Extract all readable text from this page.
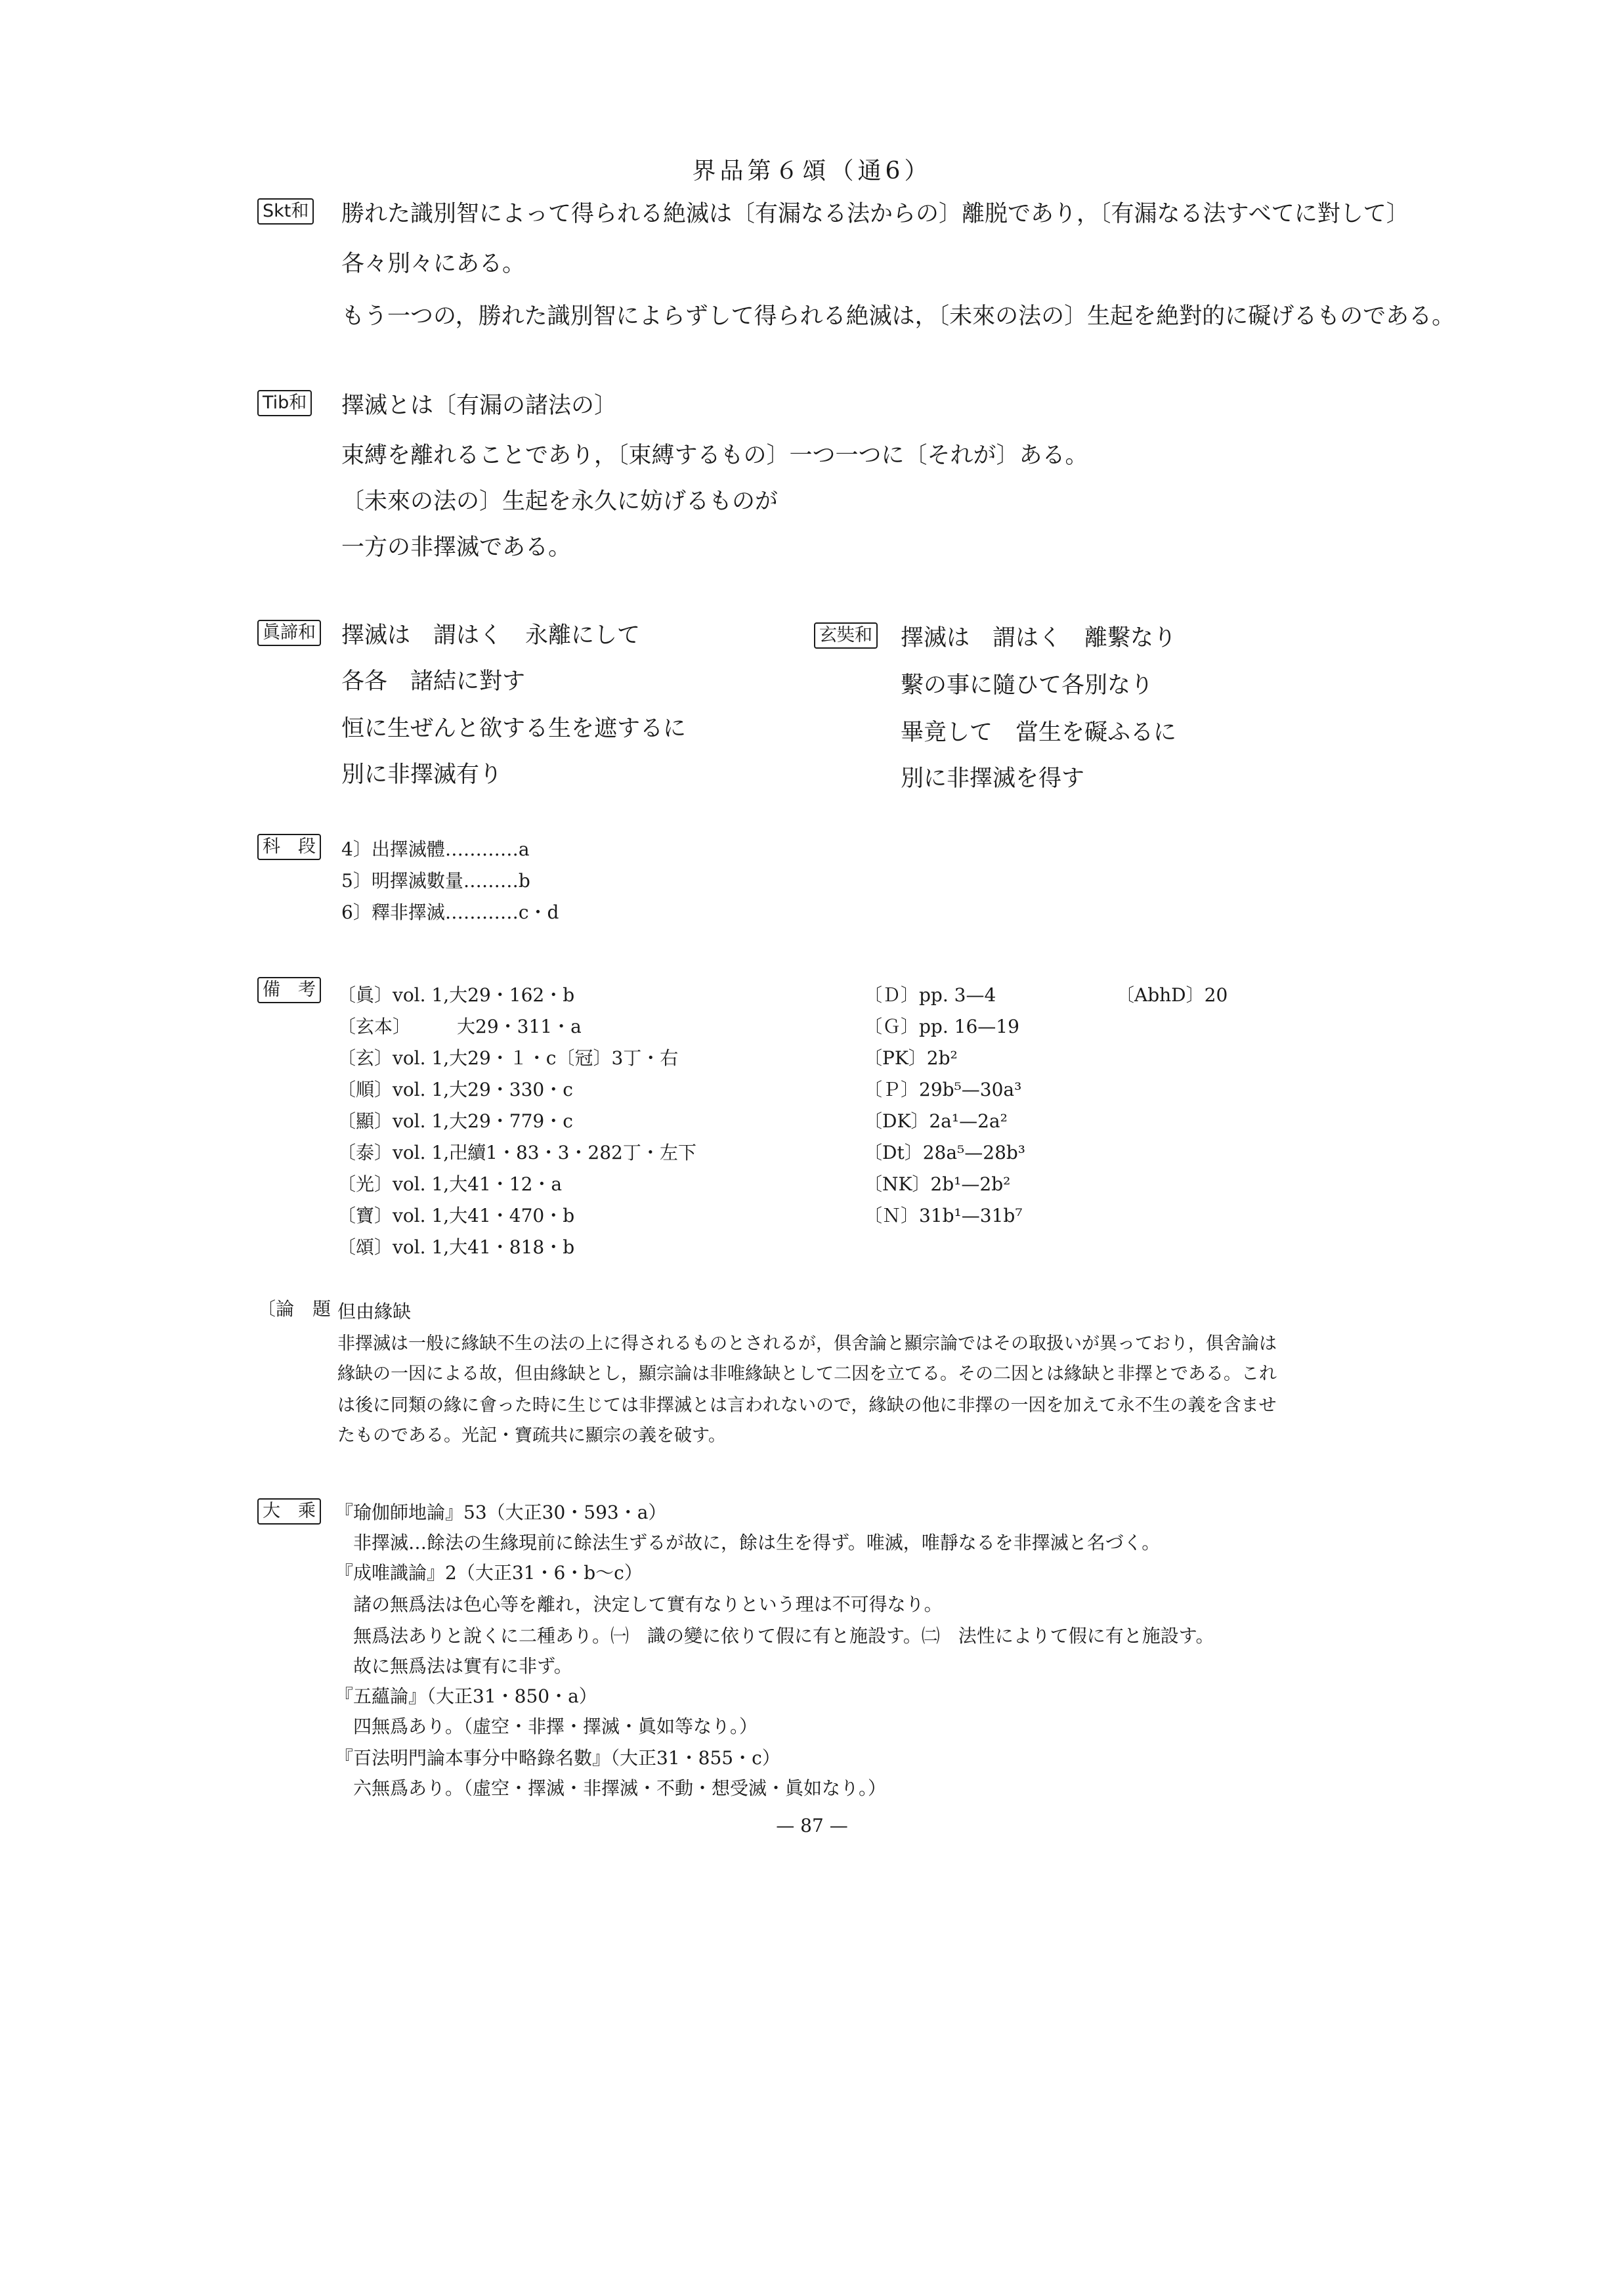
界品第６頌（通6）
Skt和 勝れた識別智によって得られる絶滅は〔有漏なる法からの〕離脱であり，〔有漏なる法すべてに對して〕
各々別々にある。
もう一つの，勝れた識別智によらずして得られる絶滅は，〔未來の法の〕生起を絶對的に礙げるものである。
Tib和 擇滅とは〔有漏の諸法の〕
束縛を離れることであり，〔束縛するもの〕一つ一つに〔それが〕ある。
〔未來の法の〕生起を永久に妨げるものが
一方の非擇滅である。
眞諦和 擇滅は　謂はく　永離にして
各各　諸結に對す
恒に生ぜんと欲する生を遮するに
別に非擇滅有り
玄奘和 擇滅は　謂はく　離繫なり
繫の事に隨ひて各別なり
畢竟して　當生を礙ふるに
別に非擇滅を得す
科　段 4〕出擇滅體…………a
5〕明擇滅數量………b
6〕釋非擇滅…………c・d
備　考 〔眞〕vol. 1,大29・162・b
〔玄本〕　　　大29・311・a
〔玄〕vol. 1,大29・１・c〔冠〕3丁・右
〔順〕vol. 1,大29・330・c
〔顯〕vol. 1,大29・779・c
〔泰〕vol. 1,卍續1・83・3・282丁・左下
〔光〕vol. 1,大41・12・a
〔寶〕vol. 1,大41・470・b
〔頌〕vol. 1,大41・818・b
〔Ｄ〕pp. 3—4
〔Ｇ〕pp. 16—19
〔PK〕2b²
〔Ｐ〕29b⁵—30a³
〔DK〕2a¹—2a²
〔Dt〕28a⁵—28b³
〔NK〕2b¹—2b²
〔Ｎ〕31b¹—31b⁷
〔AbhD〕20
〔論　題 但由緣缺
非擇滅は一般に緣缺不生の法の上に得されるものとされるが，俱舍論と顯宗論ではその取扱いが異っており，俱舍論は
緣缺の一因による故，但由緣缺とし，顯宗論は非唯緣缺として二因を立てる。その二因とは緣缺と非擇とである。これ
は後に同類の緣に會った時に生じては非擇滅とは言われないので，緣缺の他に非擇の一因を加えて永不生の義を含ませ
たものである。光記・寶疏共に顯宗の義を破す。
大　乘 『瑜伽師地論』53（大正30・593・a）
　非擇滅…餘法の生緣現前に餘法生ずるが故に，餘は生を得ず。唯滅，唯靜なるを非擇滅と名づく。
『成唯識論』2（大正31・6・b〜c）
　諸の無爲法は色心等を離れ，決定して實有なりという理は不可得なり。
　無爲法ありと說くに二種あり。㈠　識の變に依りて假に有と施設す。㈡　法性によりて假に有と施設す。
　故に無爲法は實有に非ず。
『五蘊論』（大正31・850・a）
　四無爲あり。（虛空・非擇・擇滅・眞如等なり。）
『百法明門論本事分中略錄名數』（大正31・855・c）
　六無爲あり。（虛空・擇滅・非擇滅・不動・想受滅・眞如なり。）
— 87 —
